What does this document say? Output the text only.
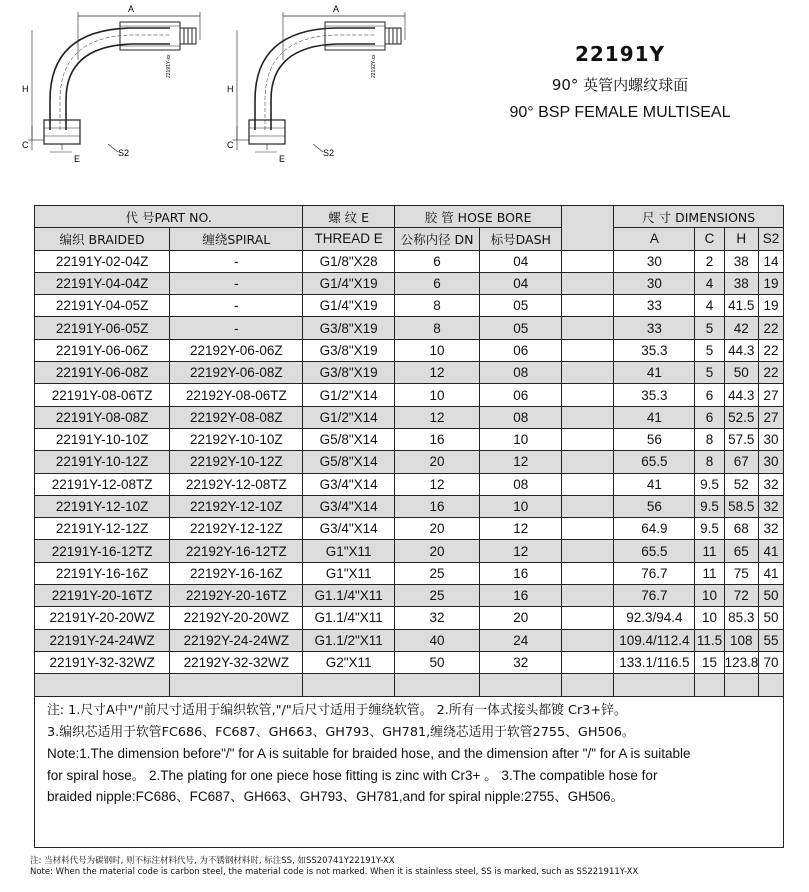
A
H
C
E
S2
22191Y-xx
A
H
C
E
S2
22192Y-xx
22191Y
90° 英管内螺纹球面
90° BSP FEMALE MULTISEAL
代 号PART NO.		螺 纹 E	胶 管 HOSE BORE			尺 寸 DIMENSIONS			
编织 BRAIDED	缠绕SPIRAL	THREAD E	公称内径 DN	标号DASH		A	C	H	S2
22191Y-02-04Z	-	G1/8"X28	6	04		30	2	38	14
22191Y-04-04Z	-	G1/4"X19	6	04		30	4	38	19
22191Y-04-05Z	-	G1/4"X19	8	05		33	4	41.5	19
22191Y-06-05Z	-	G3/8"X19	8	05		33	5	42	22
22191Y-06-06Z	22192Y-06-06Z	G3/8"X19	10	06		35.3	5	44.3	22
22191Y-06-08Z	22192Y-06-08Z	G3/8"X19	12	08		41	5	50	22
22191Y-08-06TZ	22192Y-08-06TZ	G1/2"X14	10	06		35.3	6	44.3	27
22191Y-08-08Z	22192Y-08-08Z	G1/2"X14	12	08		41	6	52.5	27
22191Y-10-10Z	22192Y-10-10Z	G5/8"X14	16	10		56	8	57.5	30
22191Y-10-12Z	22192Y-10-12Z	G5/8"X14	20	12		65.5	8	67	30
22191Y-12-08TZ	22192Y-12-08TZ	G3/4"X14	12	08		41	9.5	52	32
22191Y-12-10Z	22192Y-12-10Z	G3/4"X14	16	10		56	9.5	58.5	32
22191Y-12-12Z	22192Y-12-12Z	G3/4"X14	20	12		64.9	9.5	68	32
22191Y-16-12TZ	22192Y-16-12TZ	G1"X11	20	12		65.5	11	65	41
22191Y-16-16Z	22192Y-16-16Z	G1"X11	25	16		76.7	11	75	41
22191Y-20-16TZ	22192Y-20-16TZ	G1.1/4"X11	25	16		76.7	10	72	50
22191Y-20-20WZ	22192Y-20-20WZ	G1.1/4"X11	32	20		92.3/94.4	10	85.3	50
22191Y-24-24WZ	22192Y-24-24WZ	G1.1/2"X11	40	24		109.4/112.4	11.5	108	55
22191Y-32-32WZ	22192Y-32-32WZ	G2"X11	50	32		133.1/116.5	15	123.8	70

注: 1.尺寸A中"/"前尺寸适用于编织软管,"/"后尺寸适用于缠绕软管。 2.所有一体式接头都镀 Cr3+锌。
3.编织芯适用于软管FC686、FC687、GH663、GH793、GH781,缠绕芯适用于软管2755、GH506。
Note:1.The dimension before"/" for A is suitable for braided hose, and the dimension after "/" for A is suitable
for spiral hose。 2.The plating for one piece hose fitting is zinc with Cr3+ 。 3.The compatible hose for
braided nipple:FC686、FC687、GH663、GH793、GH781,and for spiral nipple:2755、GH506。
注: 当材料代号为碳钢时, 则不标注材料代号, 为不锈钢材料时, 标注SS, 如SS20741Y22191Y-XX
Note: When the material code is carbon steel, the material code is not marked. When it is stainless steel, SS is marked, such as SS221911Y-XX
